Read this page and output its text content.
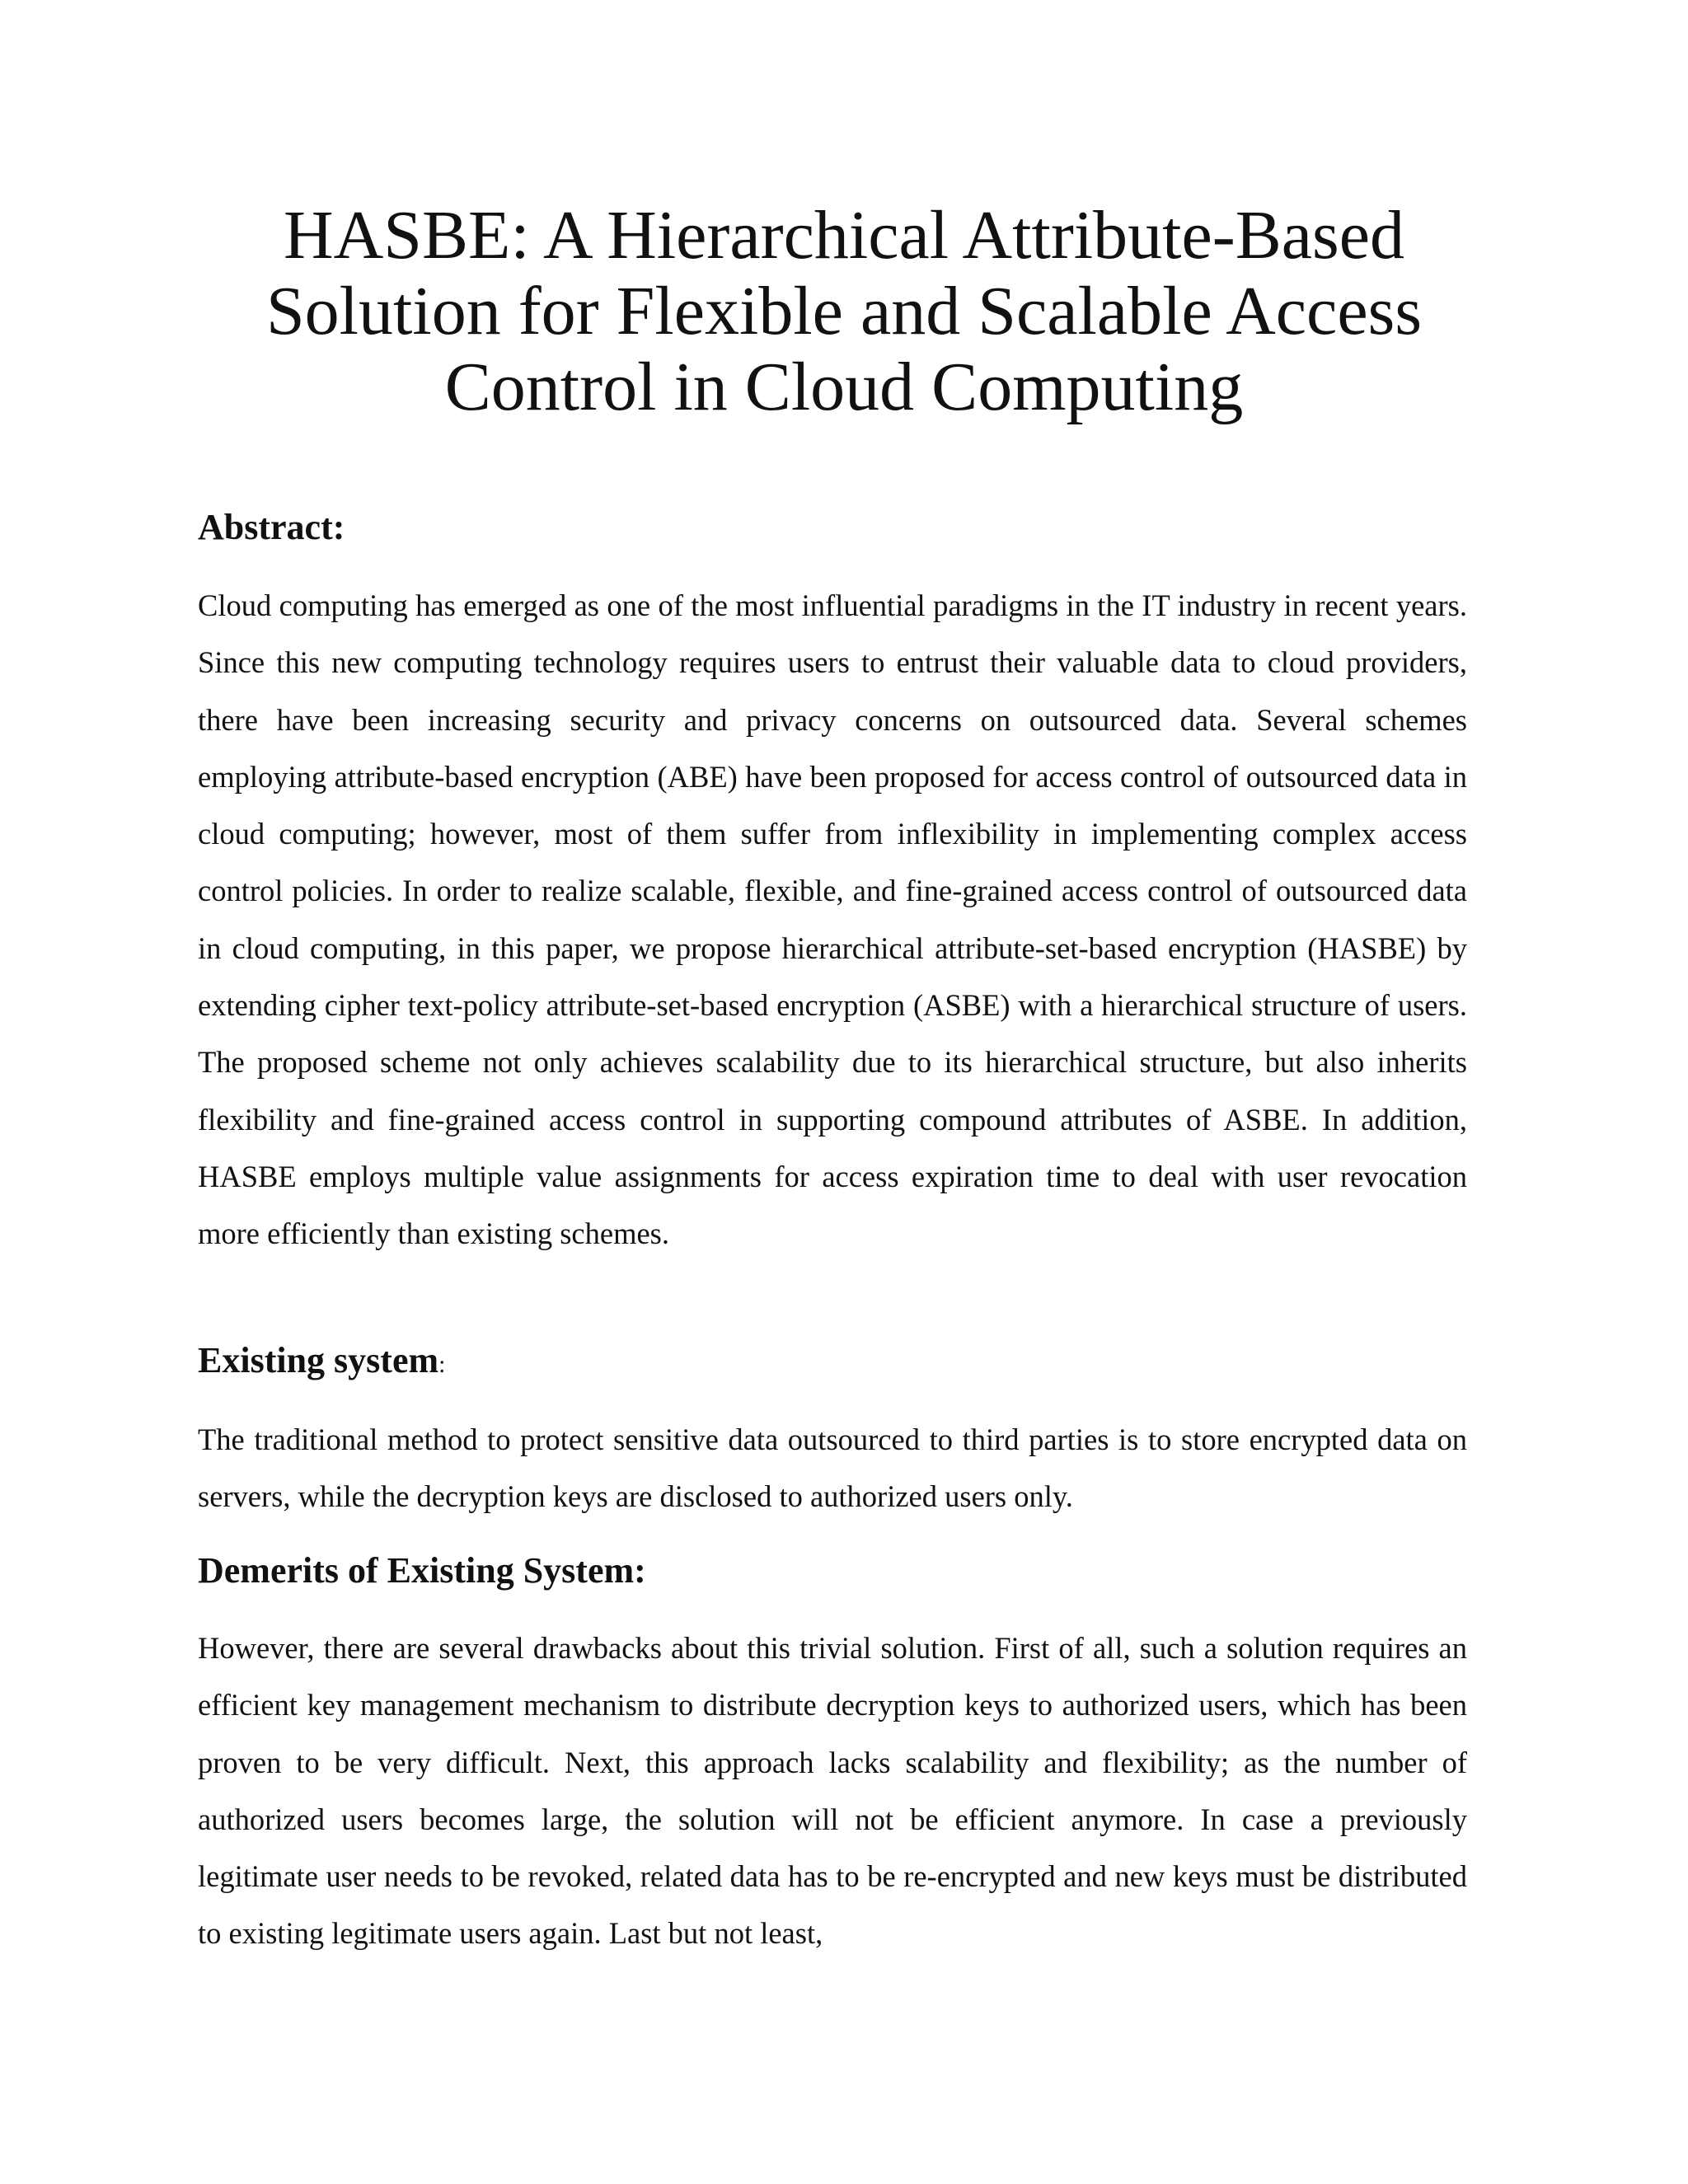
HASBE: A Hierarchical Attribute-Based
Solution for Flexible and Scalable Access
Control in Cloud Computing
Abstract:

Cloud computing has emerged as one of the most influential paradigms in the IT industry in recent years. Since this new computing technology requires users to entrust their valuable data to cloud providers, there have been increasing security and privacy concerns on outsourced data. Several schemes employing attribute-based encryption (ABE) have been proposed for access control of outsourced data in cloud computing; however, most of them suffer from inflexibility in implementing complex access control policies. In order to realize scalable, flexible, and fine-grained access control of outsourced data in cloud computing, in this paper, we propose hierarchical attribute-set-based encryption (HASBE) by extending cipher text-policy attribute-set-based encryption (ASBE) with a hierarchical structure of users. The proposed scheme not only achieves scalability due to its hierarchical structure, but also inherits flexibility and fine-grained access control in supporting compound attributes of ASBE. In addition, HASBE employs multiple value assignments for access expiration time to deal with user revocation more efficiently than existing schemes.

Existing system:

The traditional method to protect sensitive data outsourced to third parties is to store encrypted data on servers, while the decryption keys are disclosed to authorized users only.

Demerits of Existing System:

However, there are several drawbacks about this trivial solution. First of all, such a solution requires an efficient key management mechanism to distribute decryption keys to authorized users, which has been proven to be very difficult. Next, this approach lacks scalability and flexibility; as the number of authorized users becomes large, the solution will not be efficient anymore. In case a previously legitimate user needs to be revoked, related data has to be re-encrypted and new keys must be distributed to existing legitimate users again. Last but not least,
